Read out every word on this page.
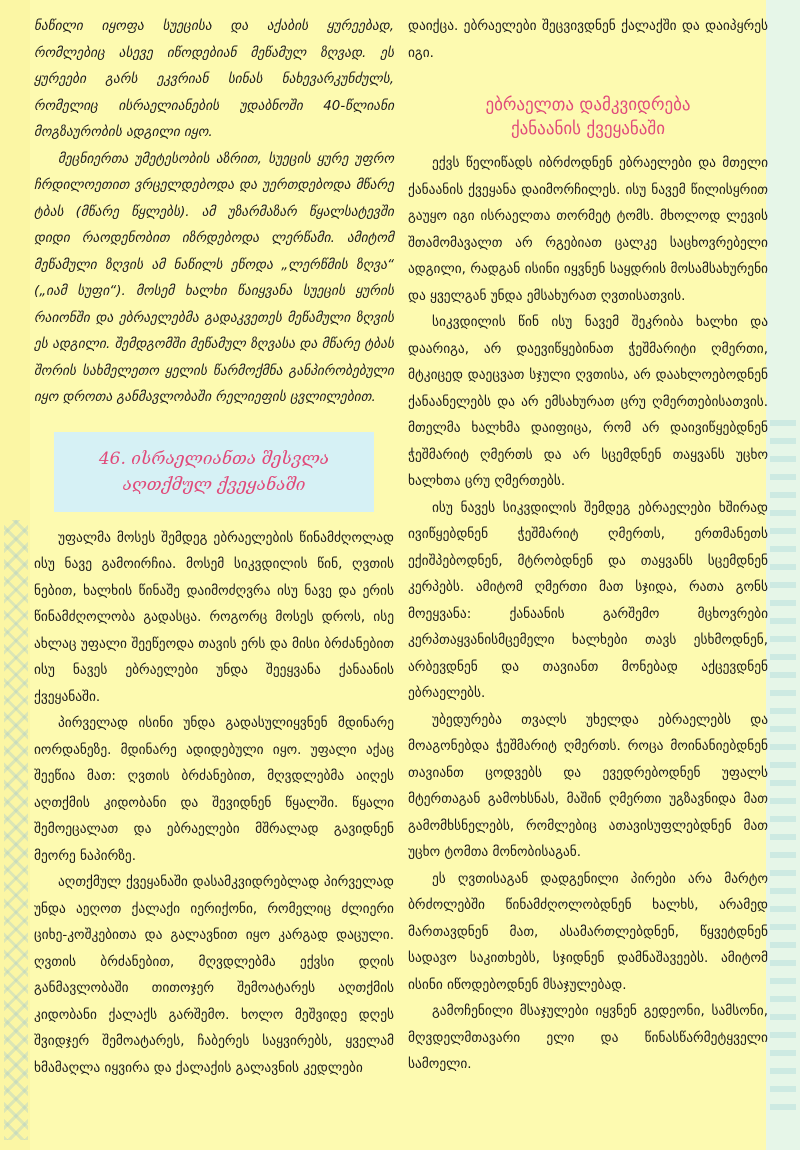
ნაწილი იყოფა სუეცისა და აქაბის ყურეებად, რომლებიც ასევე იწოდებიან მეწამულ ზღვად. ეს ყურეები გარს ეკვრიან სინას ნახევარკუნძულს, რომელიც ისრაელიანების უდაბნოში 40-წლიანი მოგზაურობის ადგილი იყო.

მეცნიერთა უმეტესობის აზრით, სუეცის ყურე უფრო ჩრდილოეთით ვრცელდებოდა და უერთდებოდა მწარე ტბას (მწარე წყლებს). ამ უზარმაზარ წყალსატევში დიდი რაოდენობით იზრდებოდა ლერწამი. ამიტომ მეწამული ზღვის ამ ნაწილს ეწოდა „ლერწმის ზღვა“ („იამ სუფი“). მოსემ ხალხი წაიყვანა სუეცის ყურის რაიონში და ებრაელებმა გადაკვეთეს მეწამული ზღვის ეს ადგილი. შემდგომში მეწამულ ზღვასა და მწარე ტბას შორის სახმელეთო ყელის წარმოქმნა განპირობებული იყო დროთა განმავლობაში რელიეფის ცვლილებით.

46. ისრაელიანთა შესვლა
აღთქმულ ქვეყანაში

უფალმა მოსეს შემდეგ ებრაელების წინამძღოლად ისუ ნავე გამოირჩია. მოსემ სიკვდილის წინ, ღვთის ნებით, ხალხის წინაშე დაიმოძღვრა ისუ ნავე და ერის წინამძღოლობა გადასცა. როგორც მოსეს დროს, ისე ახლაც უფალი შეეწეოდა თავის ერს და მისი ბრძანებით ისუ ნავეს ებრაელები უნდა შეეყვანა ქანაანის ქვეყანაში.

პირველად ისინი უნდა გადასულიყვნენ მდინარე იორდანეზე. მდინარე ადიდებული იყო. უფალი აქაც შეეწია მათ: ღვთის ბრძანებით, მღვდლებმა აიღეს აღთქმის კიდობანი და შევიდნენ წყალში. წყალი შემოეცალათ და ებრაელები მშრალად გავიდნენ მეორე ნაპირზე.

აღთქმულ ქვეყანაში დასამკვიდრებლად პირველად უნდა აეღოთ ქალაქი იერიქონი, რომელიც ძლიერი ციხე-კოშკებითა და გალავნით იყო კარგად დაცული. ღვთის ბრძანებით, მღვდლებმა ექვსი დღის განმავლობაში თითოჯერ შემოატარეს აღთქმის კიდობანი ქალაქს გარშემო. ხოლო მეშვიდე დღეს შვიდჯერ შემოატარეს, ჩაბერეს საყვირებს, ყველამ ხმამაღლა იყვირა და ქალაქის გალავნის კედლები

დაიქცა. ებრაელები შეცვივდნენ ქალაქში და დაიპყრეს იგი.

ებრაელთა დამკვიდრება
ქანაანის ქვეყანაში

ექვს წელიწადს იბრძოდნენ ებრაელები და მთელი ქანაანის ქვეყანა დაიმორჩილეს. ისუ ნავემ წილისყრით გაუყო იგი ისრაელთა თორმეტ ტომს. მხოლოდ ლევის შთამომავალთ არ რგებიათ ცალკე საცხოვრებელი ადგილი, რადგან ისინი იყვნენ საყდრის მოსამსახურენი და ყველგან უნდა ემსახურათ ღვთისათვის.

სიკვდილის წინ ისუ ნავემ შეკრიბა ხალხი და დაარიგა, არ დაევიწყებინათ ჭეშმარიტი ღმერთი, მტკიცედ დაეცვათ სჯული ღვთისა, არ დაახლოებოდნენ ქანაანელებს და არ ემსახურათ ცრუ ღმერთებისათვის. მთელმა ხალხმა დაიფიცა, რომ არ დაივიწყებდნენ ჭეშმარიტ ღმერთს და არ სცემდნენ თაყვანს უცხო ხალხთა ცრუ ღმერთებს.

ისუ ნავეს სიკვდილის შემდეგ ებრაელები ხშირად ივიწყებდნენ ჭეშმარიტ ღმერთს, ერთმანეთს ექიშპებოდნენ, მტრობდნენ და თაყვანს სცემდნენ კერპებს. ამიტომ ღმერთი მათ სჯიდა, რათა გონს მოეყვანა: ქანაანის გარშემო მცხოვრები კერპთაყვანისმცემელი ხალხები თავს ესხმოდნენ, არბევდნენ და თავიანთ მონებად აქცევდნენ ებრაელებს.

უბედურება თვალს უხელდა ებრაელებს და მოაგონებდა ჭეშმარიტ ღმერთს. როცა მოინანიებდნენ თავიანთ ცოდვებს და ევედრებოდნენ უფალს მტერთაგან გამოხსნას, მაშინ ღმერთი უგზავნიდა მათ გამომხსნელებს, რომლებიც ათავისუფლებდნენ მათ უცხო ტომთა მონობისაგან.

ეს ღვთისაგან დადგენილი პირები არა მარტო ბრძოლებში წინამძღოლობდნენ ხალხს, არამედ მართავდნენ მათ, ასამართლებდნენ, წყვეტდნენ სადავო საკითხებს, სჯიდნენ დამნაშავეებს. ამიტომ ისინი იწოდებოდნენ მსაჯულებად.

გამოჩენილი მსაჯულები იყვნენ გედეონი, სამსონი, მღვდელმთავარი ელი და წინასწარმეტყველი სამოელი.
